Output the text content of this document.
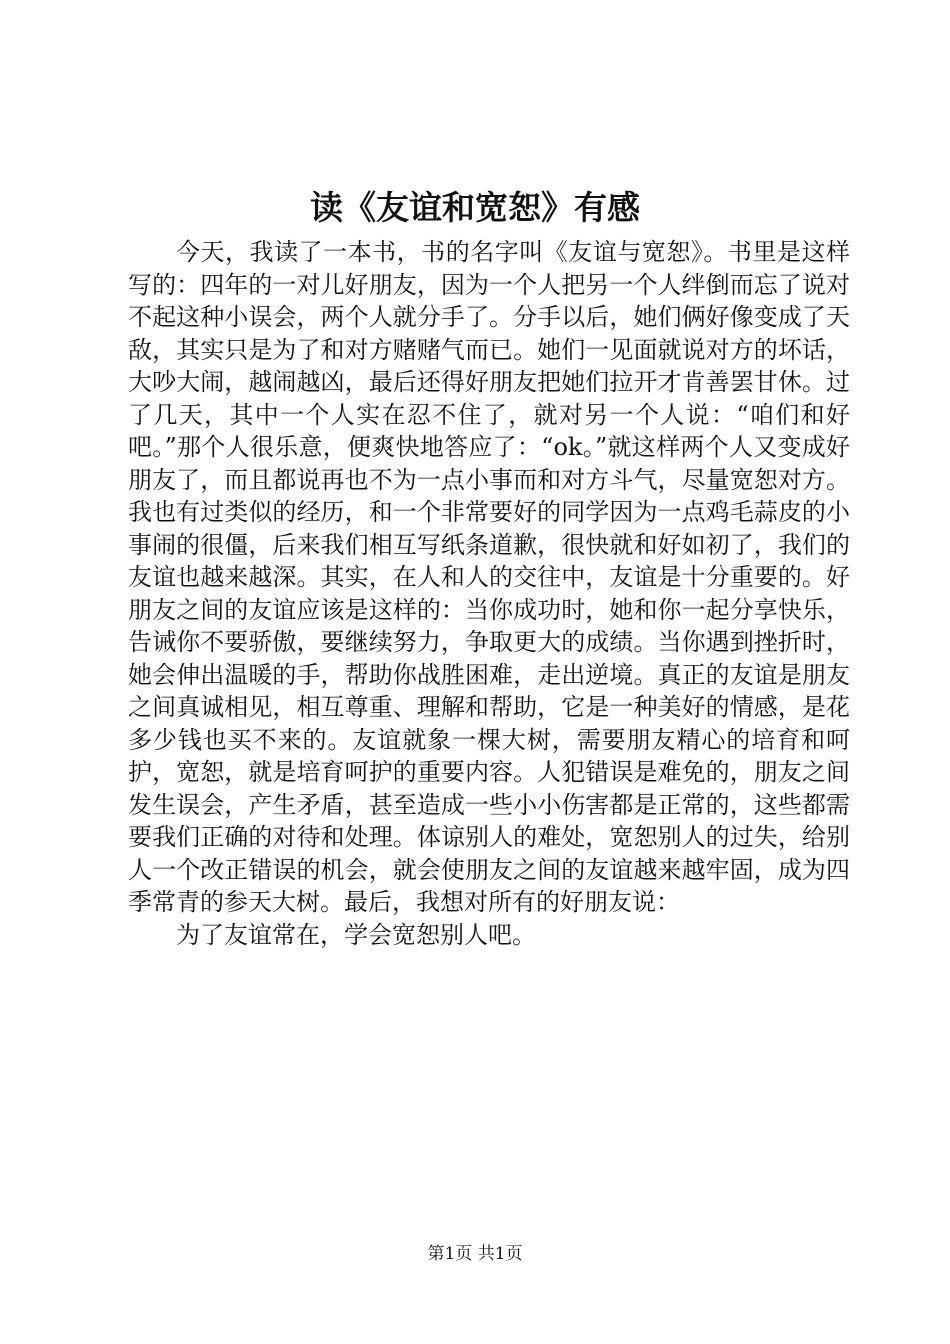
读《友谊和宽恕》有感

今天，我读了一本书，书的名字叫《友谊与宽恕》。书里是这样写的：四年的一对儿好朋友，因为一个人把另一个人绊倒而忘了说对不起这种小误会，两个人就分手了。分手以后，她们俩好像变成了天敌，其实只是为了和对方赌赌气而已。她们一见面就说对方的坏话，大吵大闹，越闹越凶，最后还得好朋友把她们拉开才肯善罢甘休。过了几天，其中一个人实在忍不住了，就对另一个人说：“咱们和好吧。”那个人很乐意，便爽快地答应了：“ok。”就这样两个人又变成好朋友了，而且都说再也不为一点小事而和对方斗气，尽量宽恕对方。我也有过类似的经历，和一个非常要好的同学因为一点鸡毛蒜皮的小事闹的很僵，后来我们相互写纸条道歉，很快就和好如初了，我们的友谊也越来越深。其实，在人和人的交往中，友谊是十分重要的。好朋友之间的友谊应该是这样的：当你成功时，她和你一起分享快乐，告诫你不要骄傲，要继续努力，争取更大的成绩。当你遇到挫折时，她会伸出温暖的手，帮助你战胜困难，走出逆境。真正的友谊是朋友之间真诚相见，相互尊重、理解和帮助，它是一种美好的情感，是花多少钱也买不来的。友谊就象一棵大树，需要朋友精心的培育和呵护，宽恕，就是培育呵护的重要内容。人犯错误是难免的，朋友之间发生误会，产生矛盾，甚至造成一些小小伤害都是正常的，这些都需要我们正确的对待和处理。体谅别人的难处，宽恕别人的过失，给别人一个改正错误的机会，就会使朋友之间的友谊越来越牢固，成为四季常青的参天大树。最后，我想对所有的好朋友说：

为了友谊常在，学会宽恕别人吧。

第1页 共1页
